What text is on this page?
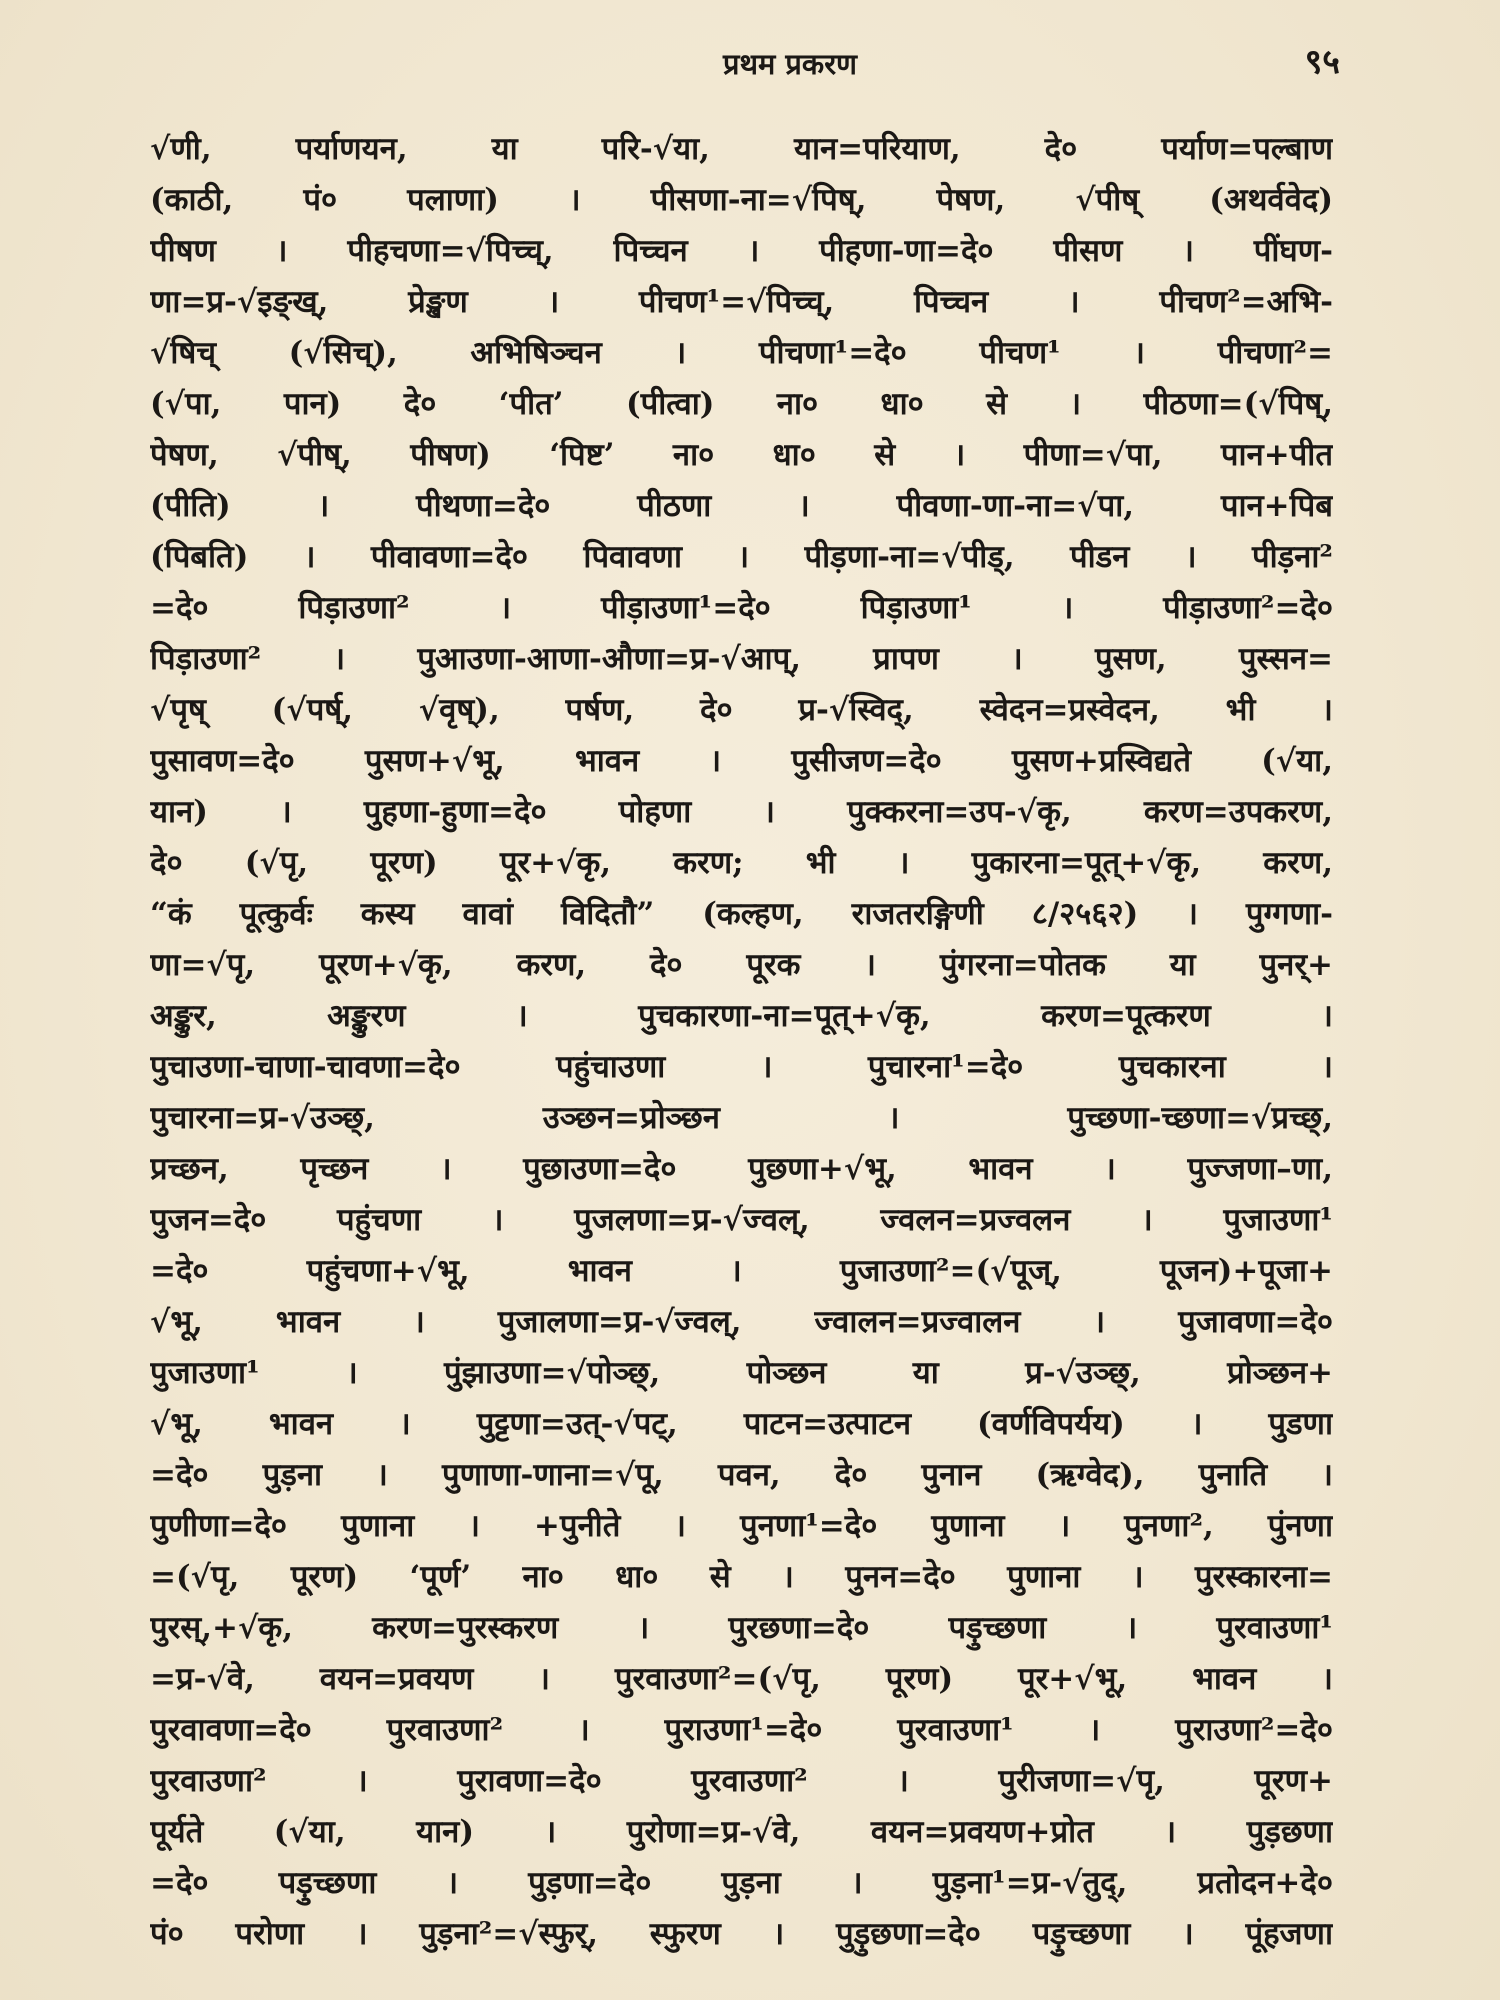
प्रथम प्रकरण	९५
√णी, पर्याणयन, या परि-√या, यान=परियाण, दे० पर्याण=पल्बाण
(काठी, पं० पलाणा) । पीसणा-ना=√पिष्, पेषण, √पीष् (अथर्ववेद)
पीषण । पीहचणा=√पिच्च्, पिच्चन । पीहणा-णा=दे० पीसण । पींघण-
णा=प्र-√इङ्ख्, प्रेङ्खण । पीचण¹=√पिच्च्, पिच्चन । पीचण²=अभि-
√षिच् (√सिच्), अभिषिञ्चन । पीचणा¹=दे० पीचण¹ । पीचणा²=
(√पा, पान) दे० ‘पीत’ (पीत्वा) ना० धा० से । पीठणा=(√पिष्,
पेषण, √पीष्, पीषण) ‘पिष्ट’ ना० धा० से । पीणा=√पा, पान+पीत
(पीति) । पीथणा=दे० पीठणा । पीवणा-णा-ना=√पा, पान+पिब
(पिबति) । पीवावणा=दे० पिवावणा । पीड़णा-ना=√पीड्, पीडन । पीड़ना²
=दे० पिड़ाउणा² । पीड़ाउणा¹=दे० पिड़ाउणा¹ । पीड़ाउणा²=दे०
पिड़ाउणा² । पुआउणा-आणा-औणा=प्र-√आप्, प्रापण । पुसण, पुस्सन=
√पृष् (√पर्ष्, √वृष्), पर्षण, दे० प्र-√स्विद्, स्वेदन=प्रस्वेदन, भी ।
पुसावण=दे० पुसण+√भू, भावन । पुसीजण=दे० पुसण+प्रस्विद्यते (√या,
यान) । पुहणा-हुणा=दे० पोहणा । पुक्करना=उप-√कृ, करण=उपकरण,
दे० (√पृ, पूरण) पूर+√कृ, करण; भी । पुकारना=पूत्+√कृ, करण,
“कं पूत्कुर्वः कस्य वावां विदितौ” (कल्हण, राजतरङ्गिणी ८/२५६२) । पुग्गणा-
णा=√पृ, पूरण+√कृ, करण, दे० पूरक । पुंगरना=पोतक या पुनर्+
अङ्कुर, अङ्कुरण । पुचकारणा-ना=पूत्+√कृ, करण=पूत्करण ।
पुचाउणा-चाणा-चावणा=दे० पहुंचाउणा । पुचारना¹=दे० पुचकारना ।
पुचारना=प्र-√उञ्छ्, उञ्छन=प्रोञ्छन । पुच्छणा-च्छणा=√प्रच्छ्,
प्रच्छन, पृच्छन । पुछाउणा=दे० पुछणा+√भू, भावन । पुज्जणा–णा,
पुजन=दे० पहुंचणा । पुजलणा=प्र-√ज्वल्, ज्वलन=प्रज्वलन । पुजाउणा¹
=दे० पहुंचणा+√भू, भावन । पुजाउणा²=(√पूज्, पूजन)+पूजा+
√भू, भावन । पुजालणा=प्र-√ज्वल्, ज्वालन=प्रज्वालन । पुजावणा=दे०
पुजाउणा¹ । पुंझाउणा=√पोञ्छ्, पोञ्छन या प्र-√उञ्छ्, प्रोञ्छन+
√भू, भावन । पुट्टणा=उत्-√पट्, पाटन=उत्पाटन (वर्णविपर्यय) । पुडणा
=दे० पुड़ना । पुणाणा-णाना=√पू, पवन, दे० पुनान (ऋग्वेद), पुनाति ।
पुणीणा=दे० पुणाना । +पुनीते । पुनणा¹=दे० पुणाना । पुनणा², पुंनणा
=(√पृ, पूरण) ‘पूर्ण’ ना० धा० से । पुनन=दे० पुणाना । पुरस्कारना=
पुरस्,+√कृ, करण=पुरस्करण । पुरछणा=दे० पड़ुच्छणा । पुरवाउणा¹
=प्र-√वे, वयन=प्रवयण । पुरवाउणा²=(√पृ, पूरण) पूर+√भू, भावन ।
पुरवावणा=दे० पुरवाउणा² । पुराउणा¹=दे० पुरवाउणा¹ । पुराउणा²=दे०
पुरवाउणा² । पुरावणा=दे० पुरवाउणा² । पुरीजणा=√पृ, पूरण+
पूर्यते (√या, यान) । पुरोणा=प्र-√वे, वयन=प्रवयण+प्रोत । पुड़छणा
=दे० पड़ुच्छणा । पुड़णा=दे० पुड़ना । पुड़ना¹=प्र-√तुद्, प्रतोदन+दे०
पं० परोणा । पुड़ना²=√स्फुर्, स्फुरण । पुड़ुछणा=दे० पड़ुच्छणा । पूंहजणा
